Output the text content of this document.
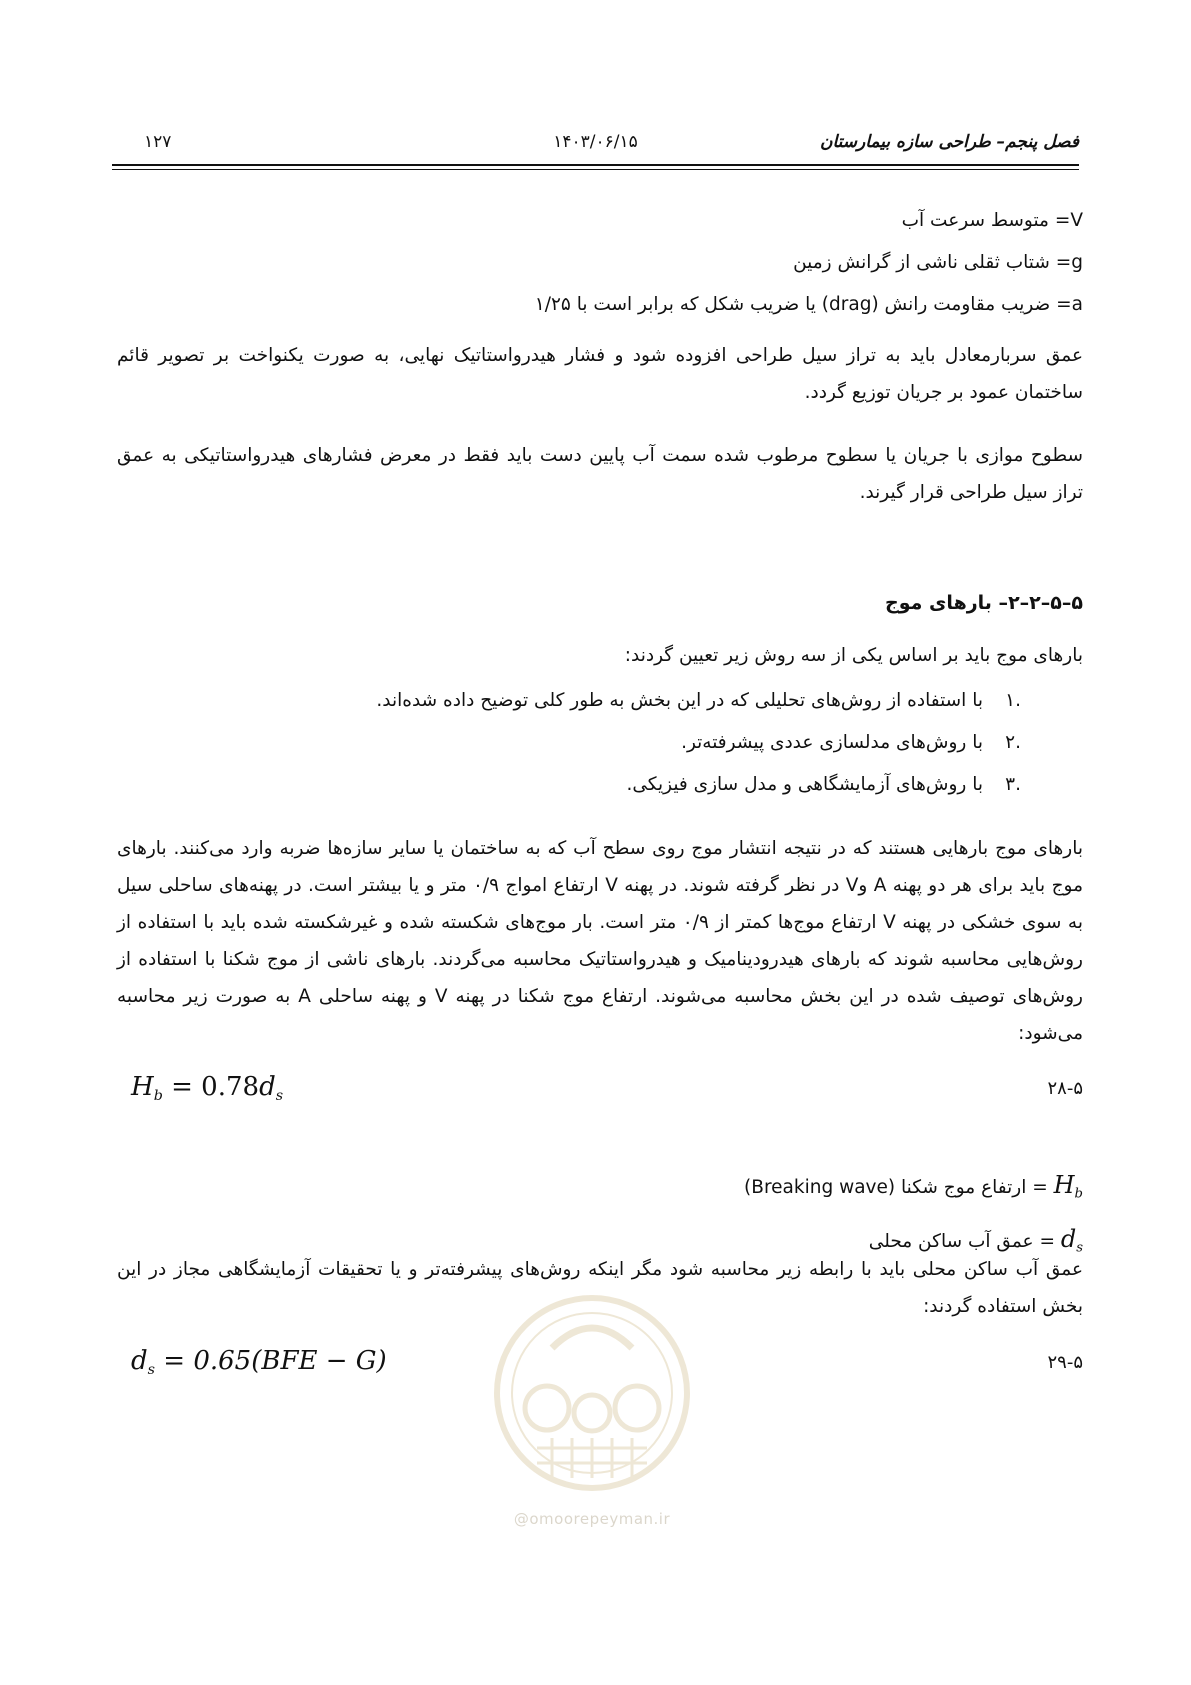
فصل پنجم– طراحی سازه بیمارستان
۱۴۰۳/۰۶/۱۵
۱۲۷

V= متوسط سرعت آب

g= شتاب ثقلی ناشی از گرانش زمین

a= ضریب مقاومت رانش (drag) یا ضریب شکل که برابر است با ۱/۲۵

عمق سربارمعادل باید به تراز سیل طراحی افزوده شود و فشار هیدرواستاتیک نهایی، به صورت یکنواخت بر تصویر قائم ساختمان عمود بر جریان توزیع گردد.
سطوح موازی با جریان یا سطوح مرطوب شده سمت آب پایین دست باید فقط در معرض فشارهای هیدرواستاتیکی به عمق تراز سیل طراحی قرار گیرند.
۵–۵–۲–۲– بارهای موج
بارهای موج باید بر اساس یکی از سه روش زیر تعیین گردند:
.۱
با استفاده از روش‌های تحلیلی که در این بخش به طور کلی توضیح داده شده‌اند.
.۲
با روش‌های مدلسازی عددی پیشرفته‌تر.
.۳
با روش‌های آزمایشگاهی و مدل سازی فیزیکی.
بارهای موج بارهایی هستند که در نتیجه انتشار موج روی سطح آب که به ساختمان یا سایر سازه‌ها ضربه وارد می‌کنند. بارهای موج باید برای هر دو پهنه A وV در نظر گرفته شوند. در پهنه V ارتفاع امواج ۰/۹ متر و یا بیشتر است. در پهنه‌های ساحلی سیل به سوی خشکی در پهنه V ارتفاع موج‌ها کمتر از ۰/۹ متر است. بار موج‌های شکسته شده و غیرشکسته شده باید با استفاده از روش‌هایی محاسبه شوند که بارهای هیدرودینامیک و هیدرواستاتیک محاسبه می‌گردند. بارهای ناشی از موج شکنا با استفاده از روش‌های توصیف شده در این بخش محاسبه می‌شوند. ارتفاع موج شکنا در پهنه V و پهنه ساحلی A به صورت زیر محاسبه می‌شود:
$H_b = 0.78d_s$	۲۸-۵
$H_b$ = ارتفاع موج شکنا (Breaking wave)
$d_s$ = عمق آب ساکن محلی
عمق آب ساکن محلی باید با رابطه زیر محاسبه شود مگر اینکه روش‌های پیشرفته‌تر و یا تحقیقات آزمایشگاهی مجاز در این بخش استفاده گردند:
$d_s = 0.65(BFE - G)$	۲۹-۵
@omoorepeyman.ir
